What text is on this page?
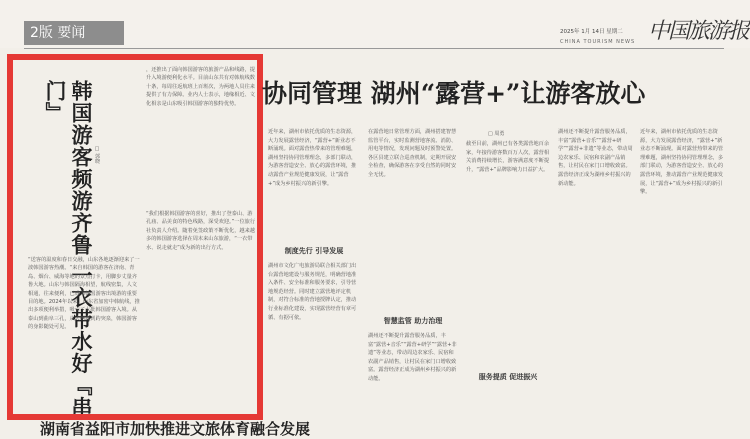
2版 要闻	2025年 1月 14日 星期二 中国旅游报
CHINA TOURISM NEWS
韩国游客频游齐鲁 一衣带水好『串门』
□ 郭晓
“送客的温度和春日交融，山东各地逐渐迎来了一波韩国游客热潮。“来自韩国的游客在济南、青岛、烟台、威海等地的景点打卡，用脚步丈量齐鲁大地。山东与韩国隔海相望，航线密集，人文相通，往来便利，已成为韩国游客出境游的重要目的地。2024年以来，山东省加密中韩航线，推出多项便利举措，吸引了大批韩国游客入境。从泰山到曲阜三孔，从大明湖到趵突泉，韩国游客的身影随处可见。
，还推出了面向韩国游客的旅游产品和线路，提升入境游便利化水平。目前山东共有对韩航线数十条，每周往返航班上百班次，为两地人员往来提供了有力保障。业内人士表示，地缘相近、文化相亲是山东吸引韩国游客的独特优势。
“我们根据韩国游客的喜好，推出了登泰山、游孔庙、品美食的特色线路，深受欢迎。”一位旅行社负责人介绍。随着免签政策不断优化，越来越多的韩国游客选择在周末来山东旅游，“一衣带水、说走就走”成为新的出行方式。
协同管理 湖州“露营+”让游客放心
□ 周勇
近年来，湖州市依托优质的生态资源，大力发展露营经济，“露营+”新业态不断涌现。面对露营热带来的管理难题，湖州坚持协同管理理念，多部门联动，为游客营造安全、放心的露营环境，推动露营产业规范健康发展，让“露营+”成为乡村振兴的新引擎。
制度先行 引导发展
湖州市文化广电旅游局联合相关部门出台露营地建设与服务规范，明确营地准入条件、安全标准和服务要求，引导营地规范经营。同时建立露营地评定机制，对符合标准的营地授牌认定，推动行业标准化建设，实现露营经营有章可循、有据可依。
在露营地日常管理方面，湖州搭建智慧监管平台，实时监测营地客流、消防、用电等情况，发现问题及时预警处置。各区县建立联合巡查机制，定期开展安全检查，确保游客在享受自然的同时安全无忧。
智慧监管 助力治理
湖州还不断提升露营服务品质，丰富“露营+音乐”“露营+研学”“露营+非遗”等业态，带动周边农家乐、民宿和农副产品销售，让村民在家门口增收致富。露营经济正成为湖州乡村振兴的新动能。
截至目前，湖州已有各类露营地百余家，年接待游客数百万人次，露营相关消费持续增长，游客满意度不断提升，“露营+”品牌影响力日益扩大。
服务提质 促进振兴
湖州还不断提升露营服务品质，丰富“露营+音乐”“露营+研学”“露营+非遗”等业态，带动周边农家乐、民宿和农副产品销售，让村民在家门口增收致富。露营经济正成为湖州乡村振兴的新动能。
近年来，湖州市依托优质的生态资源，大力发展露营经济，“露营+”新业态不断涌现。面对露营热带来的管理难题，湖州坚持协同管理理念，多部门联动，为游客营造安全、放心的露营环境，推动露营产业规范健康发展，让“露营+”成为乡村振兴的新引擎。
湖南省益阳市加快推进文旅体育融合发展
